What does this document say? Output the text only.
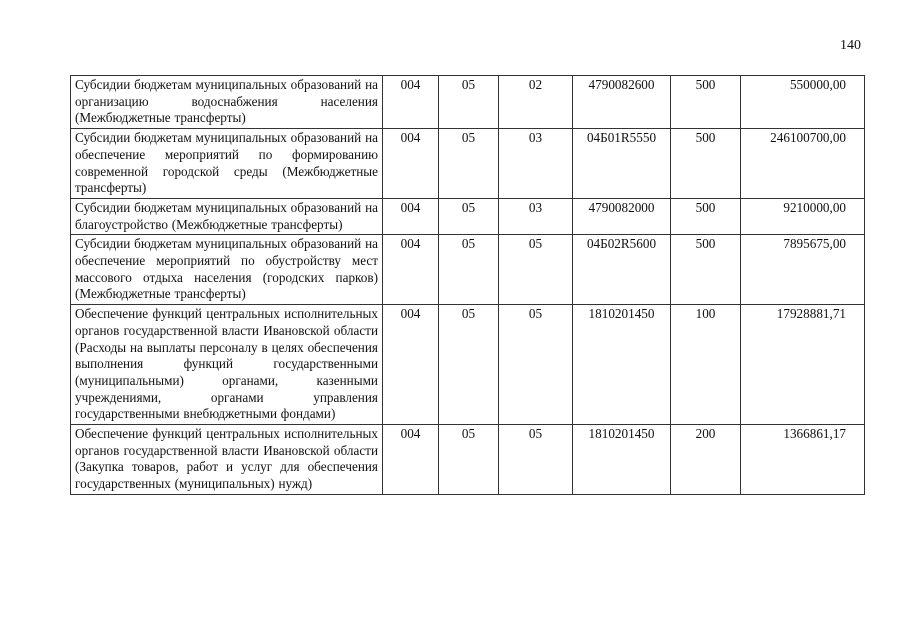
140
Субсидии бюджетам муниципальных образований на организацию водоснабжения населения (Межбюджетные трансферты)	004	05	02	4790082600	500	550000,00
Субсидии бюджетам муниципальных образований на обеспечение мероприятий по формированию современной городской среды (Межбюджетные трансферты)	004	05	03	04Б01R5550	500	246100700,00
Субсидии бюджетам муниципальных образований на благоустройство (Межбюджетные трансферты)	004	05	03	4790082000	500	9210000,00
Субсидии бюджетам муниципальных образований на обеспечение мероприятий по обустройству мест массового отдыха населения (городских парков) (Межбюджетные трансферты)	004	05	05	04Б02R5600	500	7895675,00
Обеспечение функций центральных исполнительных органов государственной власти Ивановской области (Расходы на выплаты персоналу в целях обеспечения выполнения функций государственными (муниципальными) органами, казенными учреждениями, органами управления государственными внебюджетными фондами)	004	05	05	1810201450	100	17928881,71
Обеспечение функций центральных исполнительных органов государственной власти Ивановской области (Закупка товаров, работ и услуг для обеспечения государственных (муниципальных) нужд)	004	05	05	1810201450	200	1366861,17
